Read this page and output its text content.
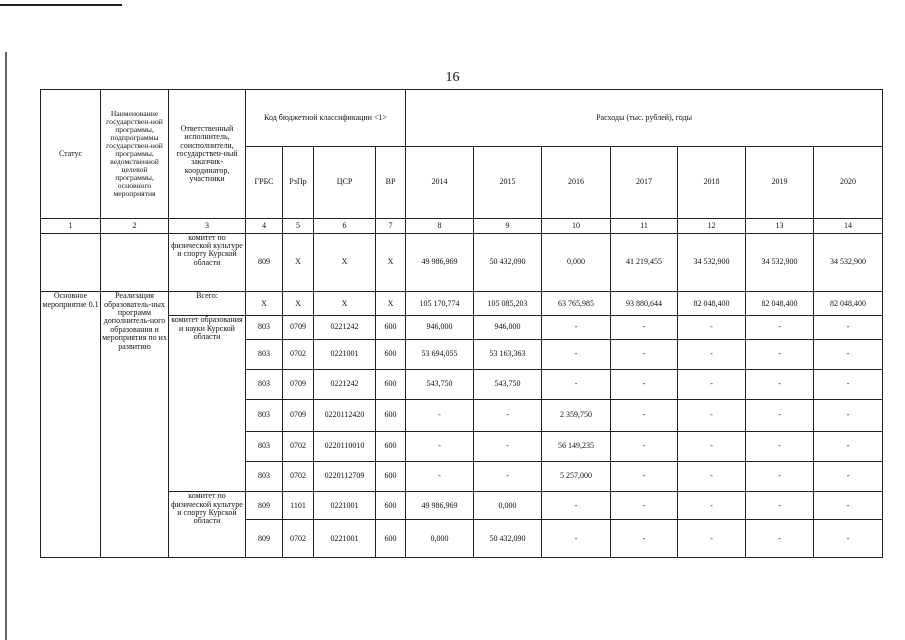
16
Статус	Наименование государствен-ной программы, подпрограммы государствен-ной программы, ведомственной целевой программы, основного мероприятия	Ответственный исполнитель, соисполнители, государствен-ный заказчик-координатор, участники	Код бюджетной классификации <1>				Расходы (тыс. рублей), годы						
			ГРБС	РзПр	ЦСР	ВР	2014	2015	2016	2017	2018	2019	2020
1	2	3	4	5	6	7	8	9	10	11	12	13	14
		комитет по физической культуре и спорту Курской области	809	Х	Х	Х	49 986,969	50 432,090	0,000	41 219,455	34 532,900	34 532,900	34 532,900
Основное мероприятие 0.1	Реализация образователь-ных программ дополнитель-ного образования и мероприятия по их развитию	Всего:	Х	Х	Х	Х	105 170,774	105 085,203	63 765,985	93 880,644	82 048,400	82 048,400	82 048,400
		комитет образования и науки Курской области	803	0709	0221242	600	946,000	946,000	-	-	-	-	-
			803	0702	0221001	600	53 694,055	53 163,363	-	-	-	-	-
			803	0709	0221242	600	543,750	543,750	-	-	-	-	-
			803	0709	0220112420	600	-	-	2 359,750	-	-	-	-
			803	0702	0220110010	600	-	-	56 149,235	-	-	-	-
			803	0702	0220112709	600	-	-	5 257,000	-	-	-	-
		комитет по физической культуре и спорту Курской области	809	1101	0221001	600	49 986,969	0,000	-	-	-	-	-
			809	0702	0221001	600	0,000	50 432,090	-	-	-	-	-
